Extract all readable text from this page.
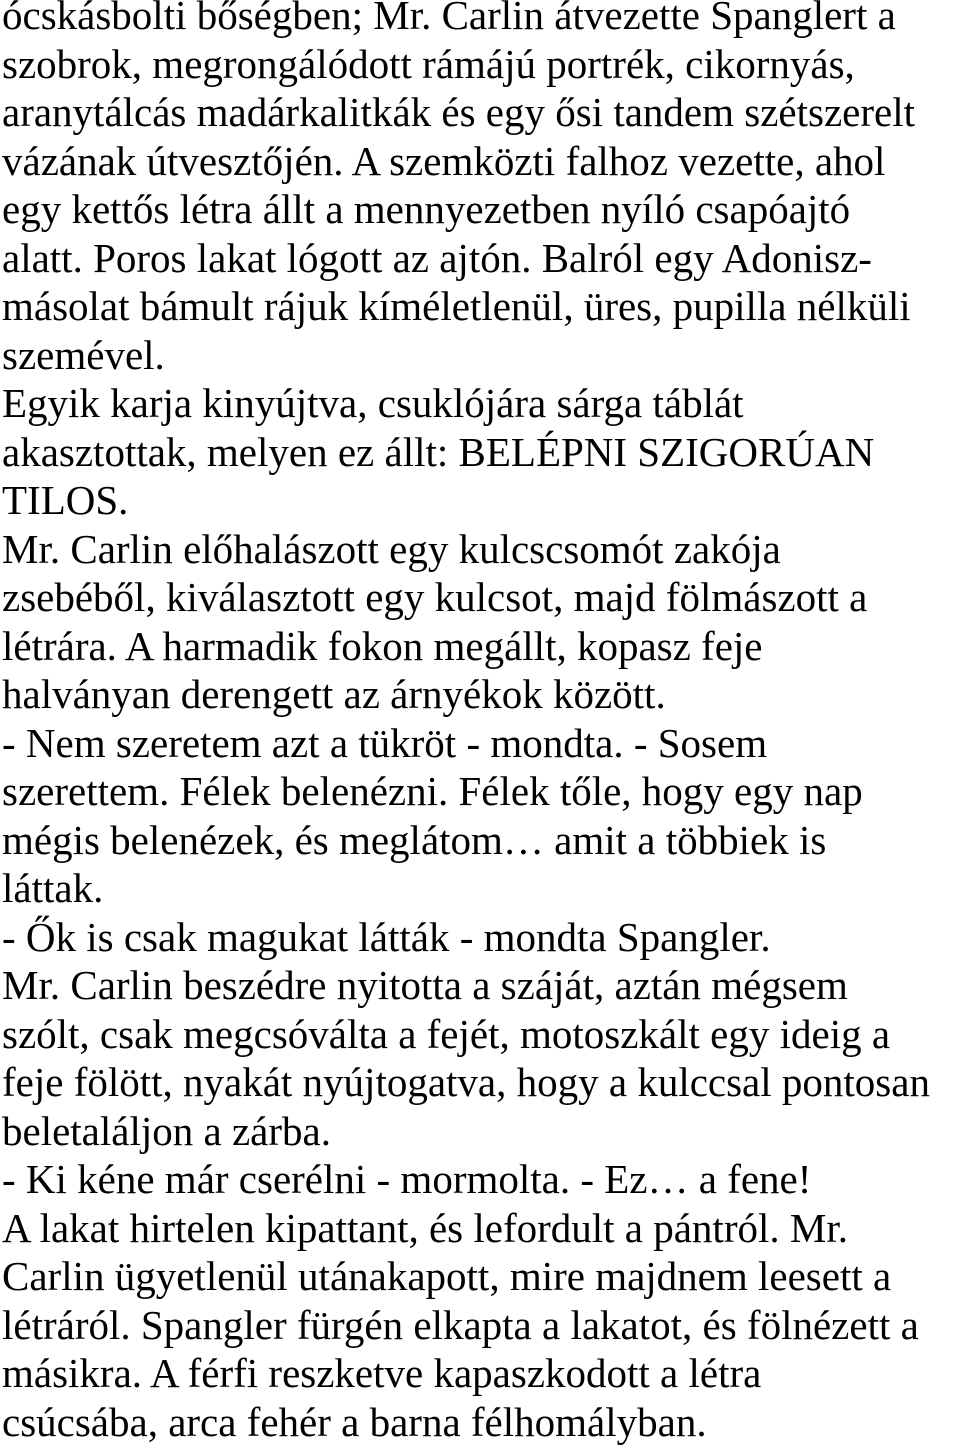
ócskásbolti bőségben; Mr. Carlin átvezette Spanglert a
szobrok, megrongálódott rámájú portrék, cikornyás,
aranytálcás madárkalitkák és egy ősi tandem szétszerelt
vázának útvesztőjén. A szemközti falhoz vezette, ahol
egy kettős létra állt a mennyezetben nyíló csapóajtó
alatt. Poros lakat lógott az ajtón. Balról egy Adonisz-
másolat bámult rájuk kíméletlenül, üres, pupilla nélküli
szemével.
Egyik karja kinyújtva, csuklójára sárga táblát
akasztottak, melyen ez állt: BELÉPNI SZIGORÚAN
TILOS.
Mr. Carlin előhalászott egy kulcscsomót zakója
zsebéből, kiválasztott egy kulcsot, majd fölmászott a
létrára. A harmadik fokon megállt, kopasz feje
halványan derengett az árnyékok között.
- Nem szeretem azt a tükröt - mondta. - Sosem
szerettem. Félek belenézni. Félek tőle, hogy egy nap
mégis belenézek, és meglátom… amit a többiek is
láttak.
- Ők is csak magukat látták - mondta Spangler.
Mr. Carlin beszédre nyitotta a száját, aztán mégsem
szólt, csak megcsóválta a fejét, motoszkált egy ideig a
feje fölött, nyakát nyújtogatva, hogy a kulccsal pontosan
beletaláljon a zárba.
- Ki kéne már cserélni - mormolta. - Ez… a fene!
A lakat hirtelen kipattant, és lefordult a pántról. Mr.
Carlin ügyetlenül utánakapott, mire majdnem leesett a
létráról. Spangler fürgén elkapta a lakatot, és fölnézett a
másikra. A férfi reszketve kapaszkodott a létra
csúcsába, arca fehér a barna félhomályban.
